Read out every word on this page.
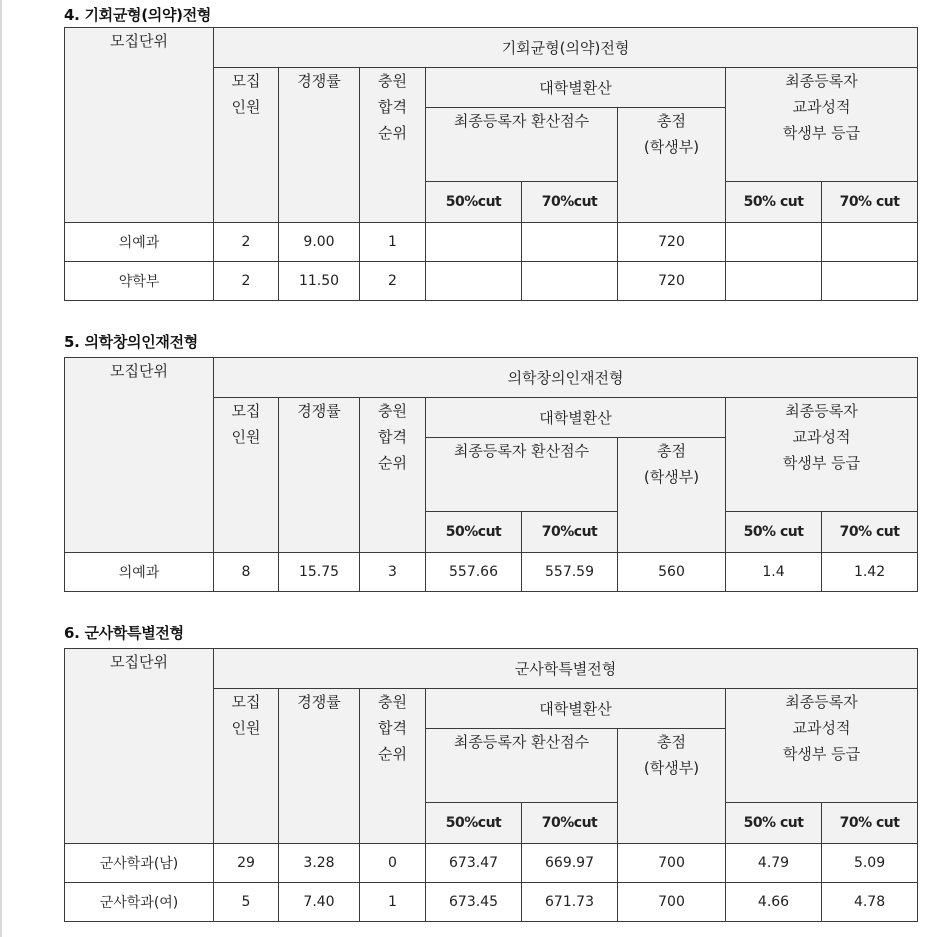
4. 기회균형(의약)전형
모집단위	기회균형(의약)전형							
	모집
인원	경쟁률	충원
합격
순위	대학별환산			최종등록자
교과성적
학생부 등급	
				최종등록자 환산점수		총점
(학생부)		
				50%cut	70%cut		50% cut	70% cut
의예과	2	9.00	1			720		
약학부	2	11.50	2			720		
5. 의학창의인재전형
모집단위	의학창의인재전형							
	모집
인원	경쟁률	충원
합격
순위	대학별환산			최종등록자
교과성적
학생부 등급	
				최종등록자 환산점수		총점
(학생부)		
				50%cut	70%cut		50% cut	70% cut
의예과	8	15.75	3	557.66	557.59	560	1.4	1.42
6. 군사학특별전형
모집단위	군사학특별전형							
	모집
인원	경쟁률	충원
합격
순위	대학별환산			최종등록자
교과성적
학생부 등급	
				최종등록자 환산점수		총점
(학생부)		
				50%cut	70%cut		50% cut	70% cut
군사학과(남)	29	3.28	0	673.47	669.97	700	4.79	5.09
군사학과(여)	5	7.40	1	673.45	671.73	700	4.66	4.78
